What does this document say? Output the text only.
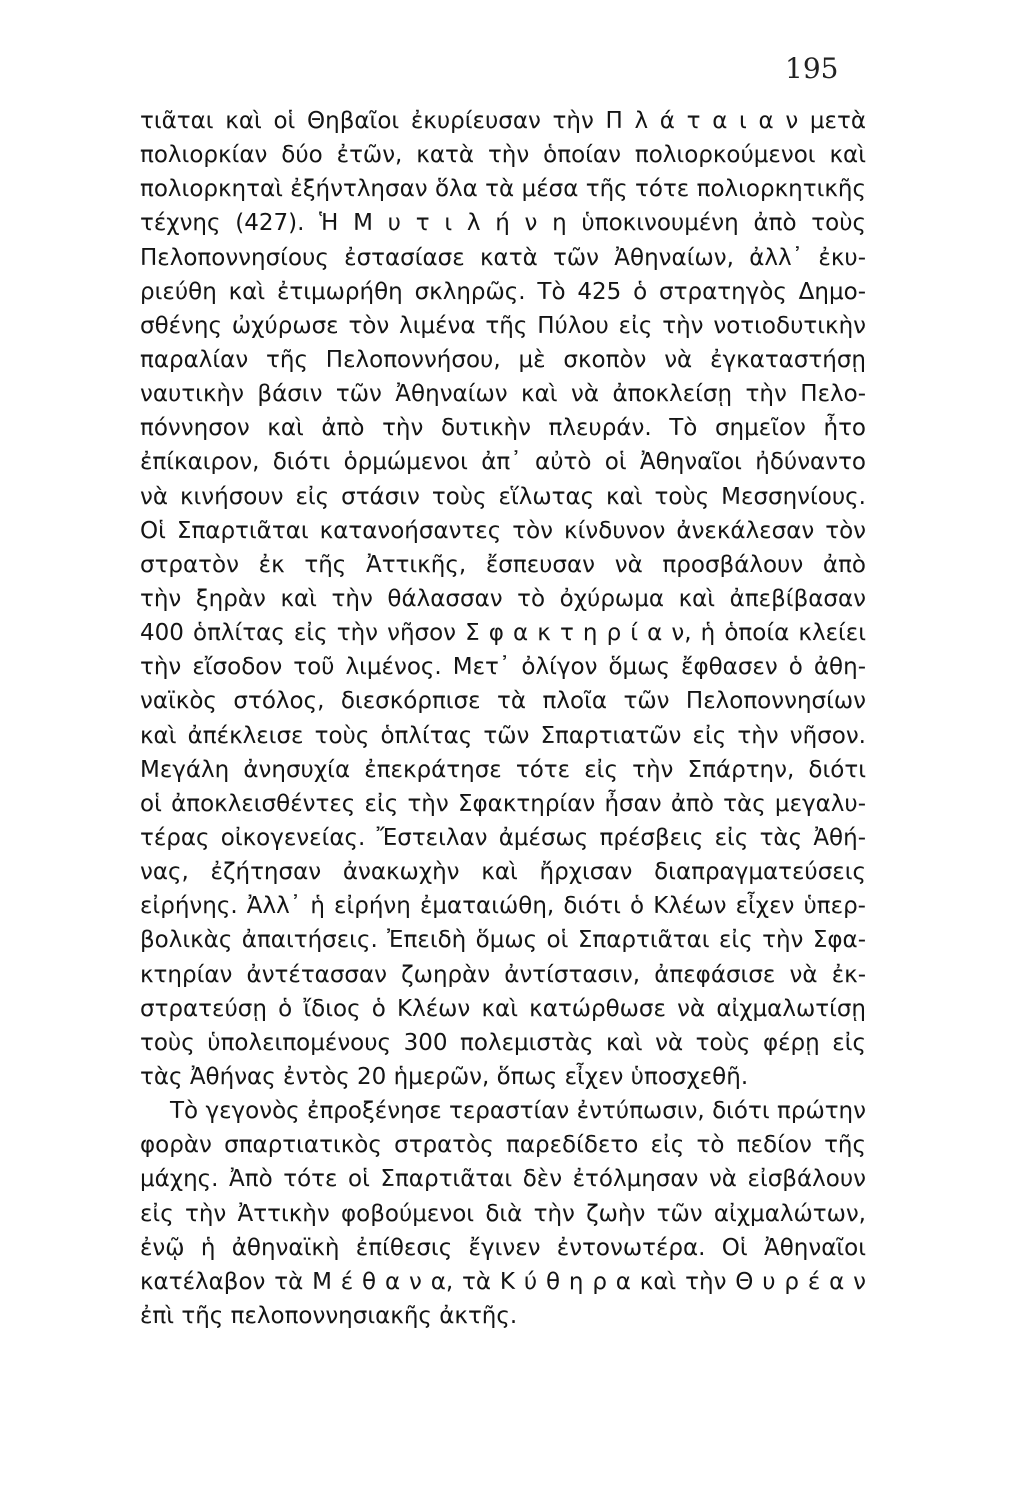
195
τιᾶται καὶ οἱ Θηβαῖοι ἐκυρίευσαν τὴν Π λ ά τ α ι α ν μετὰ
πολιορκίαν δύο ἐτῶν, κατὰ τὴν ὁποίαν πολιορκούμενοι καὶ
πολιορκηταὶ ἐξήντλησαν ὅλα τὰ μέσα τῆς τότε πολιορκητικῆς
τέχνης (427). Ἡ Μ υ τ ι λ ή ν η ὑποκινουμένη ἀπὸ τοὺς
Πελοποννησίους ἐστασίασε κατὰ τῶν Ἀθηναίων, ἀλλ᾽ ἐκυ-
ριεύθη καὶ ἐτιμωρήθη σκληρῶς. Τὸ 425 ὁ στρατηγὸς Δημο-
σθένης ὠχύρωσε τὸν λιμένα τῆς Πύλου εἰς τὴν νοτιοδυτικὴν
παραλίαν τῆς Πελοποννήσου, μὲ σκοπὸν νὰ ἐγκαταστήσῃ
ναυτικὴν βάσιν τῶν Ἀθηναίων καὶ νὰ ἀποκλείσῃ τὴν Πελο-
πόννησον καὶ ἀπὸ τὴν δυτικὴν πλευράν. Τὸ σημεῖον ἦτο
ἐπίκαιρον, διότι ὁρμώμενοι ἀπ᾽ αὐτὸ οἱ Ἀθηναῖοι ἠδύναντο
νὰ κινήσουν εἰς στάσιν τοὺς εἵλωτας καὶ τοὺς Μεσσηνίους.
Οἱ Σπαρτιᾶται κατανοήσαντες τὸν κίνδυνον ἀνεκάλεσαν τὸν
στρατὸν ἐκ τῆς Ἀττικῆς, ἔσπευσαν νὰ προσβάλουν ἀπὸ
τὴν ξηρὰν καὶ τὴν θάλασσαν τὸ ὀχύρωμα καὶ ἀπεβίβασαν
400 ὁπλίτας εἰς τὴν νῆσον Σ φ α κ τ η ρ ί α ν, ἡ ὁποία κλείει
τὴν εἴσοδον τοῦ λιμένος. Μετ᾽ ὀλίγον ὅμως ἔφθασεν ὁ ἀθη-
ναϊκὸς στόλος, διεσκόρπισε τὰ πλοῖα τῶν Πελοποννησίων
καὶ ἀπέκλεισε τοὺς ὁπλίτας τῶν Σπαρτιατῶν εἰς τὴν νῆσον.
Μεγάλη ἀνησυχία ἐπεκράτησε τότε εἰς τὴν Σπάρτην, διότι
οἱ ἀποκλεισθέντες εἰς τὴν Σφακτηρίαν ἦσαν ἀπὸ τὰς μεγαλυ-
τέρας οἰκογενείας. Ἔστειλαν ἀμέσως πρέσβεις εἰς τὰς Ἀθή-
νας, ἐζήτησαν ἀνακωχὴν καὶ ἤρχισαν διαπραγματεύσεις
εἰρήνης. Ἀλλ᾽ ἡ εἰρήνη ἐματαιώθη, διότι ὁ Κλέων εἶχεν ὑπερ-
βολικὰς ἀπαιτήσεις. Ἐπειδὴ ὅμως οἱ Σπαρτιᾶται εἰς τὴν Σφα-
κτηρίαν ἀντέτασσαν ζωηρὰν ἀντίστασιν, ἀπεφάσισε νὰ ἐκ-
στρατεύσῃ ὁ ἴδιος ὁ Κλέων καὶ κατώρθωσε νὰ αἰχμαλωτίσῃ
τοὺς ὑπολειπομένους 300 πολεμιστὰς καὶ νὰ τοὺς φέρῃ εἰς
τὰς Ἀθήνας ἐντὸς 20 ἡμερῶν, ὅπως εἶχεν ὑποσχεθῆ.
Τὸ γεγονὸς ἐπροξένησε τεραστίαν ἐντύπωσιν, διότι πρώτην
φορὰν σπαρτιατικὸς στρατὸς παρεδίδετο εἰς τὸ πεδίον τῆς
μάχης. Ἀπὸ τότε οἱ Σπαρτιᾶται δὲν ἐτόλμησαν νὰ εἰσβάλουν
εἰς τὴν Ἀττικὴν φοβούμενοι διὰ τὴν ζωὴν τῶν αἰχμαλώτων,
ἐνῷ ἡ ἀθηναϊκὴ ἐπίθεσις ἔγινεν ἐντονωτέρα. Οἱ Ἀθηναῖοι
κατέλαβον τὰ Μ έ θ α ν α, τὰ Κ ύ θ η ρ α καὶ τὴν Θ υ ρ έ α ν
ἐπὶ τῆς πελοποννησιακῆς ἀκτῆς.
